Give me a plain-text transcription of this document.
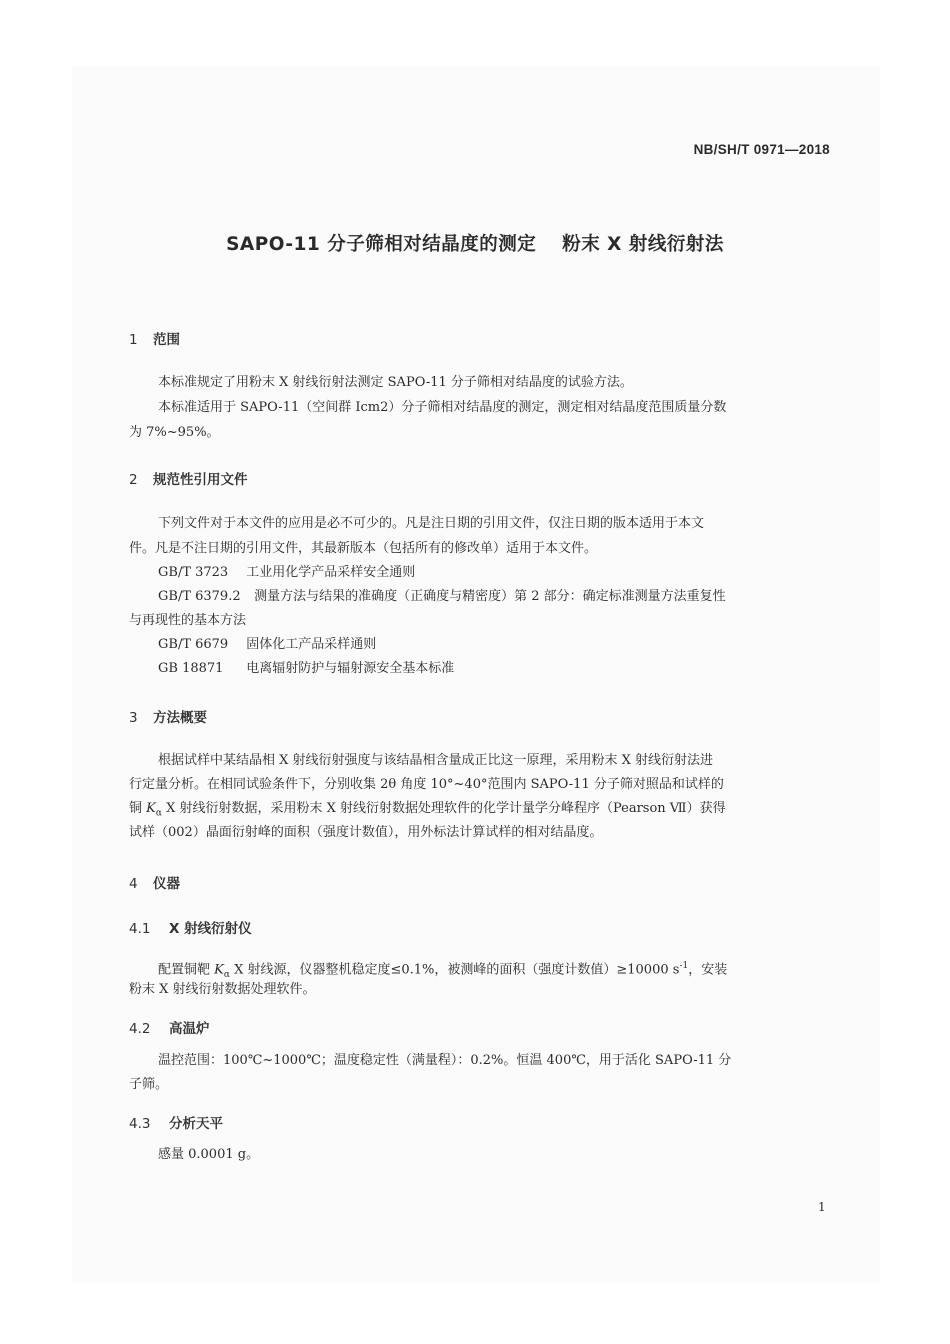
NB/SH/T 0971—2018
SAPO-11 分子筛相对结晶度的测定 粉末 X 射线衍射法
1 范围
本标准规定了用粉末 X 射线衍射法测定 SAPO-11 分子筛相对结晶度的试验方法。
本标准适用于 SAPO-11（空间群 Icm2）分子筛相对结晶度的测定，测定相对结晶度范围质量分数
为 7%~95%。
2 规范性引用文件
下列文件对于本文件的应用是必不可少的。凡是注日期的引用文件，仅注日期的版本适用于本文
件。凡是不注日期的引用文件，其最新版本（包括所有的修改单）适用于本文件。
GB/T 3723 工业用化学产品采样安全通则
GB/T 6379.2 测量方法与结果的准确度（正确度与精密度）第 2 部分：确定标准测量方法重复性
与再现性的基本方法
GB/T 6679 固体化工产品采样通则
GB 18871 电离辐射防护与辐射源安全基本标准
3 方法概要
根据试样中某结晶相 X 射线衍射强度与该结晶相含量成正比这一原理，采用粉末 X 射线衍射法进
行定量分析。在相同试验条件下，分别收集 2θ 角度 10°~40°范围内 SAPO-11 分子筛对照品和试样的
铜 $K_\alpha$ X 射线衍射数据，采用粉末 X 射线衍射数据处理软件的化学计量学分峰程序（Pearson Ⅶ）获得
试样（002）晶面衍射峰的面积（强度计数值），用外标法计算试样的相对结晶度。
4 仪器
4.1 X 射线衍射仪
配置铜靶 $K_\alpha$ X 射线源，仪器整机稳定度≤0.1%，被测峰的面积（强度计数值）≥10000 $s^{-1}$，安装
粉末 X 射线衍射数据处理软件。
4.2 高温炉
温控范围：100℃~1000℃；温度稳定性（满量程）：0.2%。恒温 400℃，用于活化 SAPO-11 分
子筛。
4.3 分析天平
感量 0.0001 g。
1
